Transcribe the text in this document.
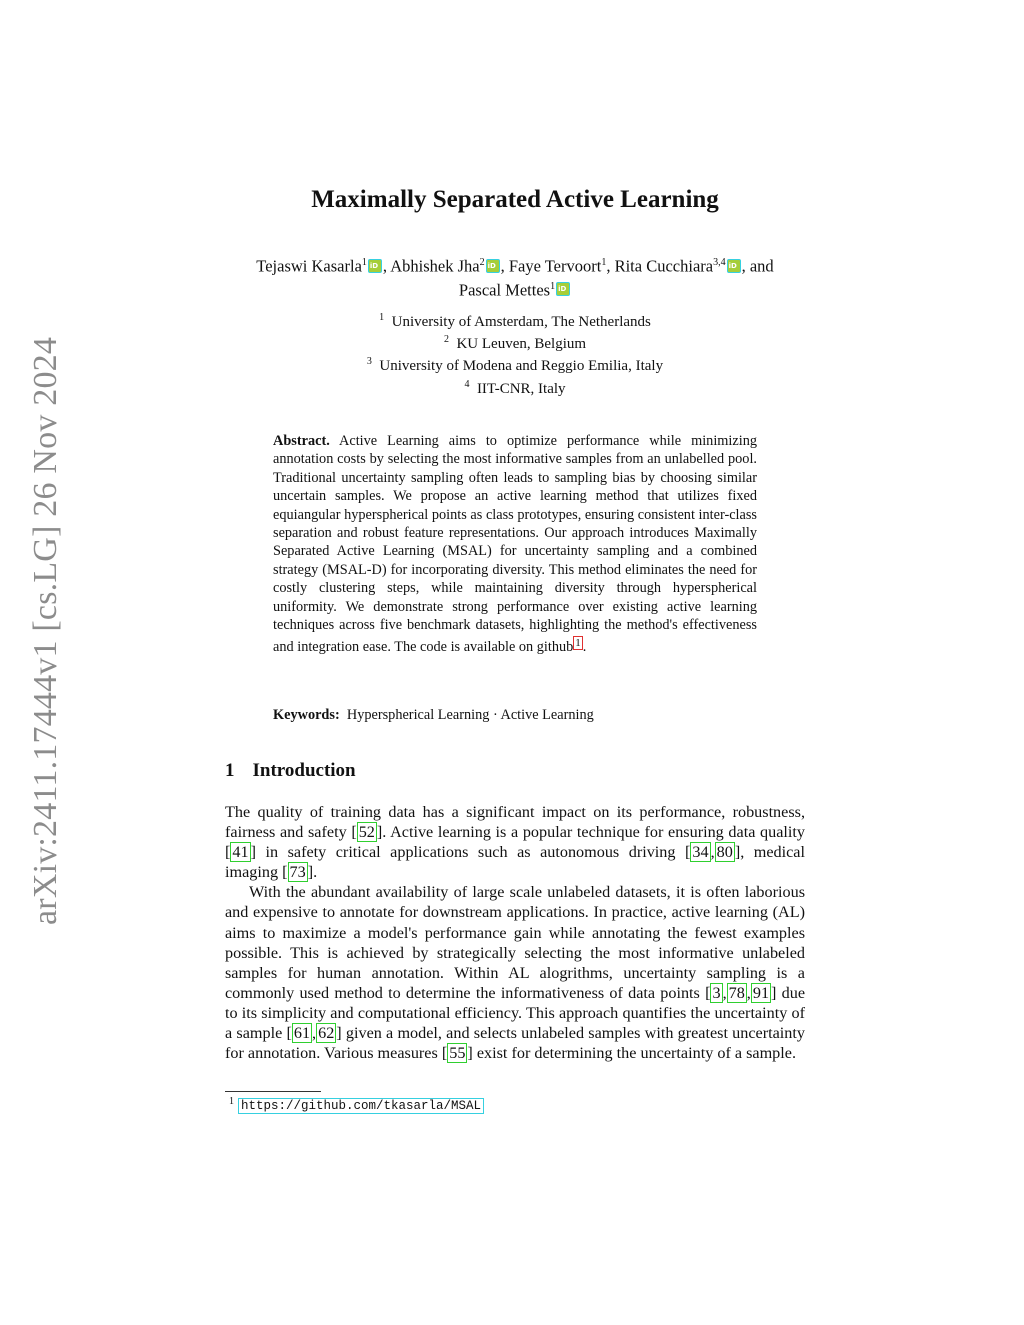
arXiv:2411.17444v1 [cs.LG] 26 Nov 2024
Maximally Separated Active Learning
Tejaswi Kasarla$^1$ iD , Abhishek Jha$^2$ iD , Faye Tervoort$^1$, Rita Cucchiara$^{3,4}$iD , and
Pascal Mettes$^1$iD
$^1$ University of Amsterdam, The Netherlands
$^2$ KU Leuven, Belgium
$^3$ University of Modena and Reggio Emilia, Italy
$^4$ IIT-CNR, Italy
Abstract. Active Learning aims to optimize performance while minimizing annotation costs by selecting the most informative samples from an unlabelled pool. Traditional uncertainty sampling often leads to sampling bias by choosing similar uncertain samples. We propose an active learning method that utilizes fixed equiangular hyperspherical points as class prototypes, ensuring consistent inter-class separation and robust feature representations. Our approach introduces Maximally Separated Active Learning (MSAL) for uncertainty sampling and a combined strategy (MSAL-D) for incorporating diversity. This method eliminates the need for costly clustering steps, while maintaining diversity through hyperspherical uniformity. We demonstrate strong performance over existing active learning techniques across five benchmark datasets, highlighting the method's effectiveness and integration ease. The code is available on github $^1$ .
Keywords: Hyperspherical Learning · Active Learning
1 Introduction

The quality of training data has a significant impact on its performance, robustness, fairness and safety [ 52 ]. Active learning is a popular technique for ensuring data quality [ 41 ] in safety critical applications such as autonomous driving [ 34 , 80 ], medical imaging [ 73 ].

With the abundant availability of large scale unlabeled datasets, it is often laborious and expensive to annotate for downstream applications. In practice, active learning (AL) aims to maximize a model's performance gain while annotating the fewest examples possible. This is achieved by strategically selecting the most informative unlabeled samples for human annotation. Within AL alogrithms, uncertainty sampling is a commonly used method to determine the informativeness of data points [ 3 , 78 , 91 ] due to its simplicity and computational efficiency. This approach quantifies the uncertainty of a sample [ 61 , 62 ] given a model, and selects unlabeled samples with greatest uncertainty for annotation. Various measures [ 55 ] exist for determining the uncertainty of a sample.

$^1$ https://github.com/tkasarla/MSAL
